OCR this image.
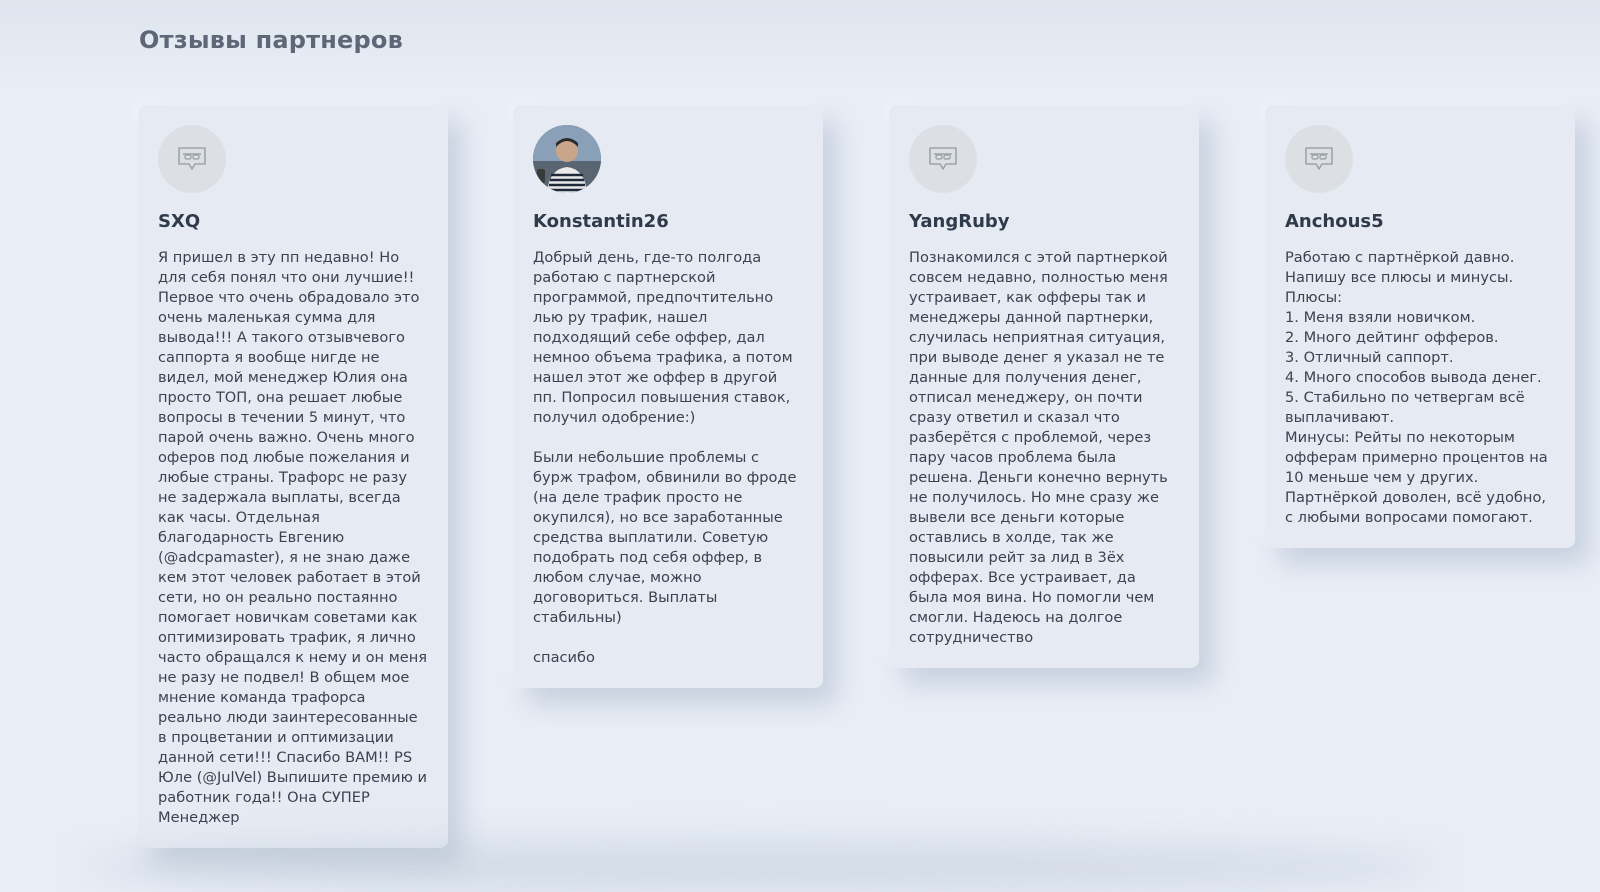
Отзывы партнеров
SXQ

Я пришел в эту пп недавно! Но для себя понял что они лучшие!! Первое что очень обрадовало это очень маленькая сумма для вывода!!! А такого отзывчевого саппорта я вообще нигде не видел, мой менеджер Юлия она просто ТОП, она решает любые вопросы в течении 5 минут, что парой очень важно. Очень много оферов под любые пожелания и любые страны. Трафорс не разу не задержала выплаты, всегда как часы. Отдельная благодарность Евгению (@adcpamaster), я не знаю даже кем этот человек работает в этой сети, но он реально постаянно помогает новичкам советами как оптимизировать трафик, я лично часто обращался к нему и он меня не разу не подвел! В общем мое мнение команда трафорса реально люди заинтересованные в процветании и оптимизации данной сети!!! Спасибо ВАМ!! PS Юле (@JulVel) Выпишите премию и работник года!! Она СУПЕР Менеджер

Konstantin26

Добрый день, где-то полгода работаю с партнерской программой, предпочтительно лью ру трафик, нашел подходящий себе оффер, дал немноо объема трафика, а потом нашел этот же оффер в другой пп. Попросил повышения ставок, получил одобрение:)

Были небольшие проблемы с бурж трафом, обвинили во фроде (на деле трафик просто не окупился), но все заработанные средства выплатили. Советую подобрать под себя оффер, в любом случае, можно договориться. Выплаты стабильны)

спасибо

YangRuby

Познакомился с этой партнеркой совсем недавно, полностью меня устраивает, как офферы так и менеджеры данной партнерки, случилась неприятная ситуация, при выводе денег я указал не те данные для получения денег, отписал менеджеру, он почти сразу ответил и сказал что разберётся с проблемой, через пару часов проблема была решена. Деньги конечно вернуть не получилось. Но мне сразу же вывели все деньги которые оставлись в холде, так же повысили рейт за лид в 3ёх офферах. Все устраивает, да была моя вина. Но помогли чем смогли. Надеюсь на долгое сотрудничество

Anchous5

Работаю с партнёркой давно. Напишу все плюсы и минусы.
Плюсы:
1. Меня взяли новичком.
2. Много дейтинг офферов.
3. Отличный саппорт.
4. Много способов вывода денег.
5. Стабильно по четвергам всё выплачивают.
Минусы: Рейты по некоторым офферам примерно процентов на 10 меньше чем у других.
Партнёркой доволен, всё удобно, с любыми вопросами помогают.
